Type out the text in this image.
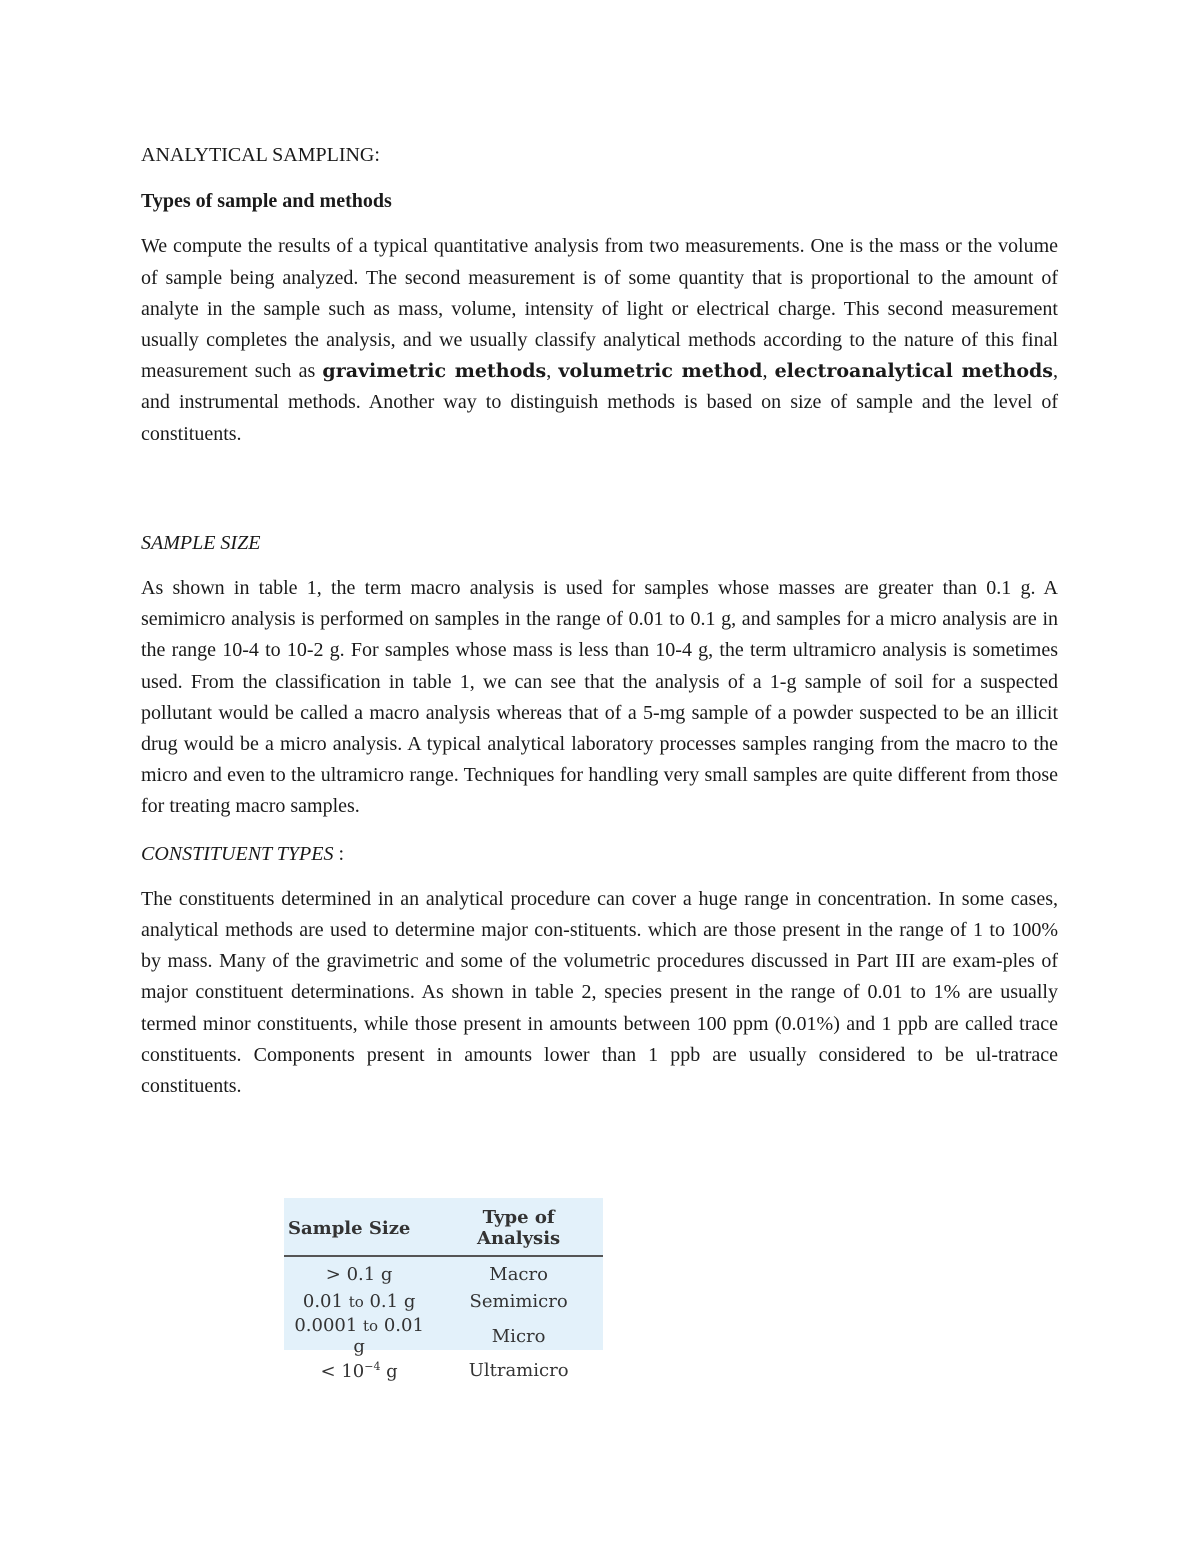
ANALYTICAL SAMPLING:

Types of sample and methods

We compute the results of a typical quantitative analysis from two measurements. One is the mass or the volume of sample being analyzed. The second measurement is of some quantity that is proportional to the amount of analyte in the sample such as mass, volume, intensity of light or electrical charge. This second measurement usually completes the analysis, and we usually classify analytical methods according to the nature of this final measurement such as gravimetric methods, volumetric method, electroanalytical methods, and instrumental methods. Another way to distinguish methods is based on size of sample and the level of constituents.

SAMPLE SIZE

As shown in table 1, the term macro analysis is used for samples whose masses are greater than 0.1 g. A semimicro analysis is performed on samples in the range of 0.01 to 0.1 g, and samples for a micro analysis are in the range 10-4 to 10-2 g. For samples whose mass is less than 10-4 g, the term ultramicro analysis is sometimes used. From the classification in table 1, we can see that the analysis of a 1-g sample of soil for a suspected pollutant would be called a macro analysis whereas that of a 5-mg sample of a powder suspected to be an illicit drug would be a micro analysis. A typical analytical laboratory processes samples ranging from the macro to the micro and even to the ultramicro range. Techniques for handling very small samples are quite different from those for treating macro samples.

CONSTITUENT TYPES :

The constituents determined in an analytical procedure can cover a huge range in concentration. In some cases, analytical methods are used to determine major con-stituents. which are those present in the range of 1 to 100% by mass. Many of the gravimetric and some of the volumetric procedures discussed in Part III are exam-ples of major constituent determinations. As shown in table 2, species present in the range of 0.01 to 1% are usually termed minor constituents, while those present in amounts between 100 ppm (0.01%) and 1 ppb are called trace constituents. Components present in amounts lower than 1 ppb are usually considered to be ul-tratrace constituents.

Sample Size	Type of Analysis
> 0.1 g	Macro
0.01 to 0.1 g	Semimicro
0.0001 to 0.01 g	Micro
< $10^{-4}$ g	Ultramicro
